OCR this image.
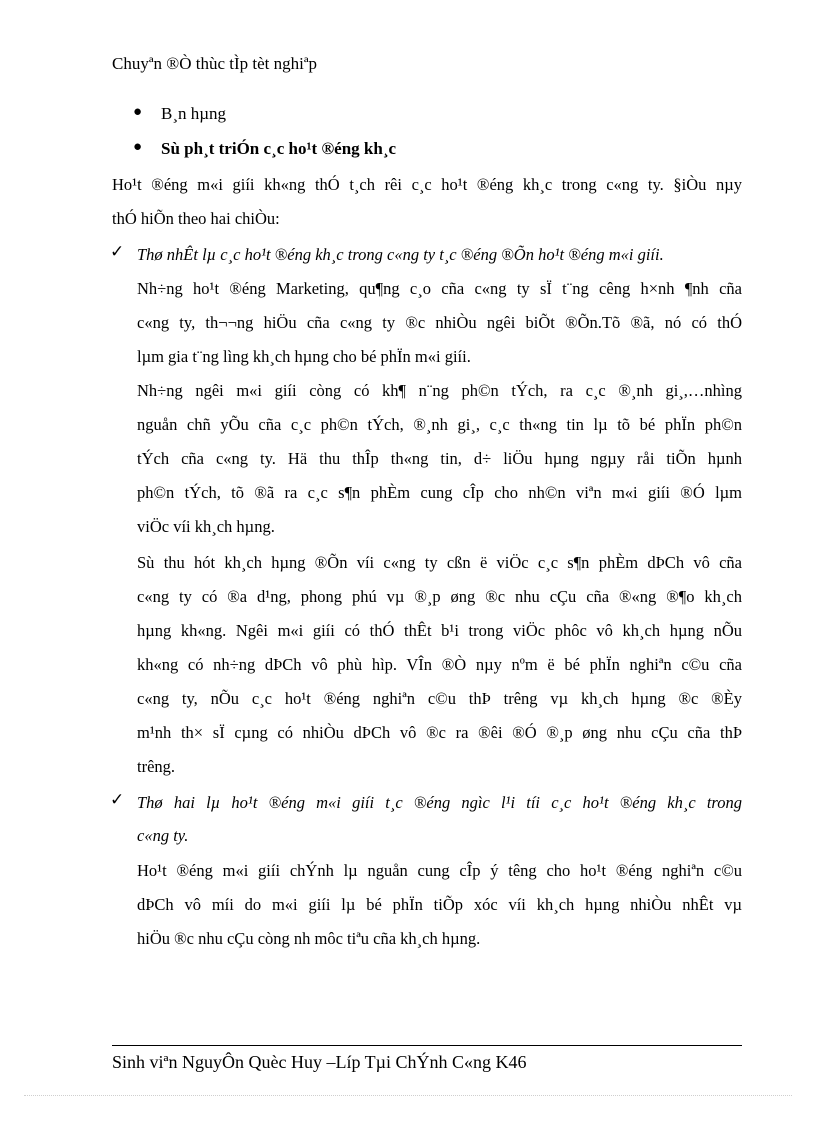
Chuyªn ®Ò thùc tÌp tèt nghiªp
● B¸n hµng
● Sù ph¸t triÓn c¸c ho¹t ®éng kh¸c
Ho¹t ®éng m«i giíi kh«ng thÓ t¸ch rêi c¸c ho¹t ®éng kh¸c trong c«ng ty. §iÒu nµy
thÓ hiÕn theo hai chiÒu:
✓ Thø nhÊt lµ c¸c ho¹t ®éng kh¸c trong c«ng ty t¸c ®éng ®Õn ho¹t ®éng m«i giíi.
Nh÷ng ho¹t ®éng Marketing, qu¶ng c¸o cña c«ng ty sÏ t¨ng cêng h×nh ¶nh cña
c«ng ty, th¬¬ng hiÖu cña c«ng ty ®c nhiÒu ngêi biÕt ®Õn.Tõ ®ã, nó có thÓ
lµm gia t¨ng lìng kh¸ch hµng cho bé phÏn m«i giíi.
Nh÷ng ngêi m«i giíi còng có kh¶ n¨ng ph©n tÝch, ra c¸c ®¸nh gi¸,…nhìng
nguån chñ yÕu cña c¸c ph©n tÝch, ®¸nh gi¸, c¸c th«ng tin lµ tõ bé phÏn ph©n
tÝch cña c«ng ty. Hä thu thÎp th«ng tin, d÷ liÖu hµng ngµy råi tiÕn hµnh
ph©n tÝch, tõ ®ã ra c¸c s¶n phÈm cung cÎp cho nh©n viªn m«i giíi ®Ó lµm
viÖc víi kh¸ch hµng.
Sù thu hót kh¸ch hµng ®Õn víi c«ng ty cßn ë viÖc c¸c s¶n phÈm dÞCh vô cña
c«ng ty có ®a d¹ng, phong phú vµ ®¸p øng ®c nhu cÇu cña ®«ng ®¶o kh¸ch
hµng kh«ng. Ngêi m«i giíi có thÓ thÊt b¹i trong viÖc phôc vô kh¸ch hµng nÕu
kh«ng có nh÷ng dÞCh vô phù hìp. VÎn ®Ò nµy nºm ë bé phÏn nghiªn c©u cña
c«ng ty, nÕu c¸c ho¹t ®éng nghiªn c©u thÞ trêng vµ kh¸ch hµng ®c ®Èy
m¹nh th× sÏ cµng có nhiÒu dÞCh vô ®c ra ®êi ®Ó ®¸p øng nhu cÇu cña thÞ
trêng.
✓ Thø hai lµ ho¹t ®éng m«i giíi t¸c ®éng ngìc l¹i tíi c¸c ho¹t ®éng kh¸c trong
c«ng ty.
Ho¹t ®éng m«i giíi chÝnh lµ nguån cung cÎp ý têng cho ho¹t ®éng nghiªn c©u
dÞCh vô míi do m«i giíi lµ bé phÏn tiÕp xóc víi kh¸ch hµng nhiÒu nhÊt vµ
hiÖu ®c nhu cÇu còng nh môc tiªu cña kh¸ch hµng.
Sinh viªn NguyÔn Quèc Huy –Líp Tµi ChÝnh C«ng K46
